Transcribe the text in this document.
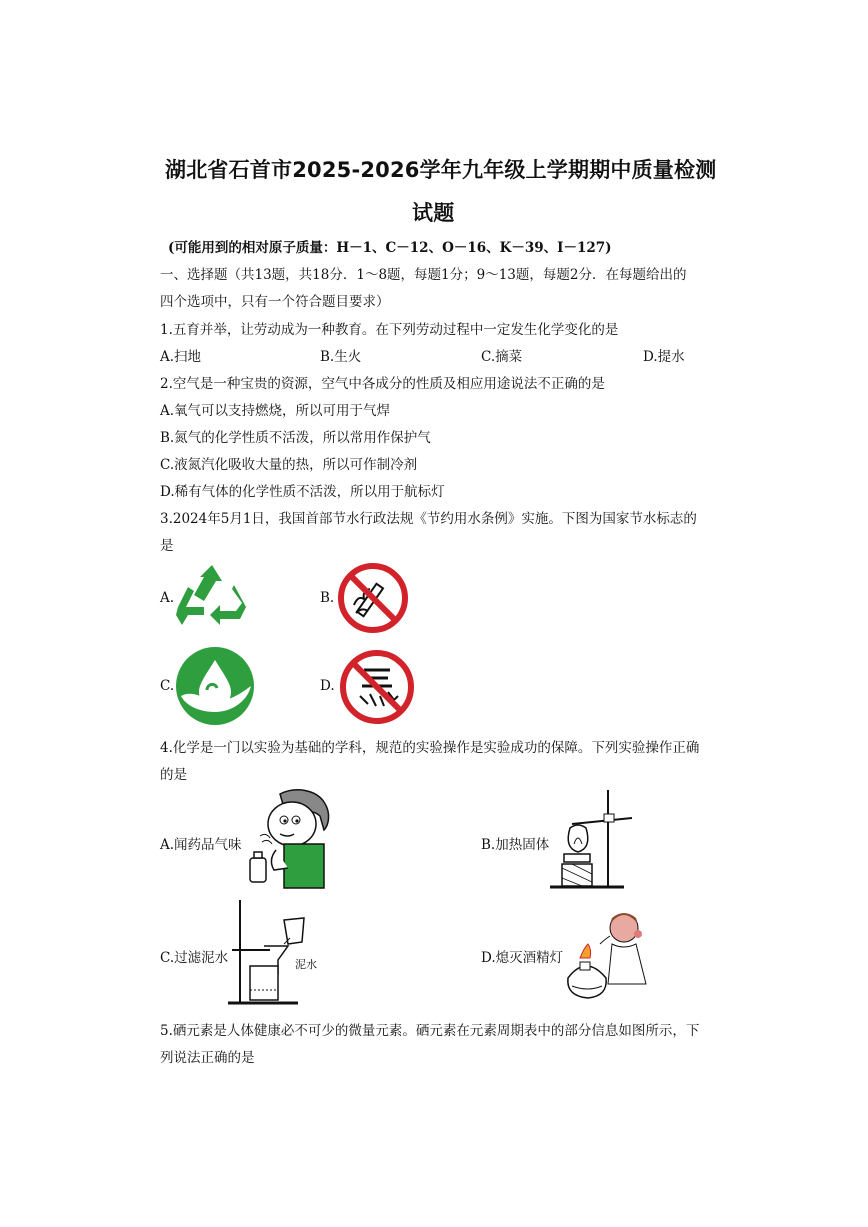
湖北省石首市2025-2026学年九年级上学期期中质量检测
试题
(可能用到的相对原子质量：H－1、C－12、O－16、K－39、I－127)
一、选择题（共13题，共18分．1～8题，每题1分；9～13题，每题2分．在每题给出的
四个选项中，只有一个符合题目要求）
1.五育并举，让劳动成为一种教育。在下列劳动过程中一定发生化学变化的是
A.扫地	B.生火	C.摘菜	D.提水
2.空气是一种宝贵的资源，空气中各成分的性质及相应用途说法不正确的是
A.氧气可以支持燃烧，所以可用于气焊
B.氮气的化学性质不活泼，所以常用作保护气
C.液氮汽化吸收大量的热，所以可作制冷剂
D.稀有气体的化学性质不活泼，所以用于航标灯
3.2024年5月1日，我国首部节水行政法规《节约用水条例》实施。下图为国家节水标志的
是
A.	B.
C.	D.
4.化学是一门以实验为基础的学科，规范的实验操作是实验成功的保障。下列实验操作正确
的是
A.闻药品气味	B.加热固体
C.过滤泥水	泥水	D.熄灭酒精灯
5.硒元素是人体健康必不可少的微量元素。硒元素在元素周期表中的部分信息如图所示，下
列说法正确的是
